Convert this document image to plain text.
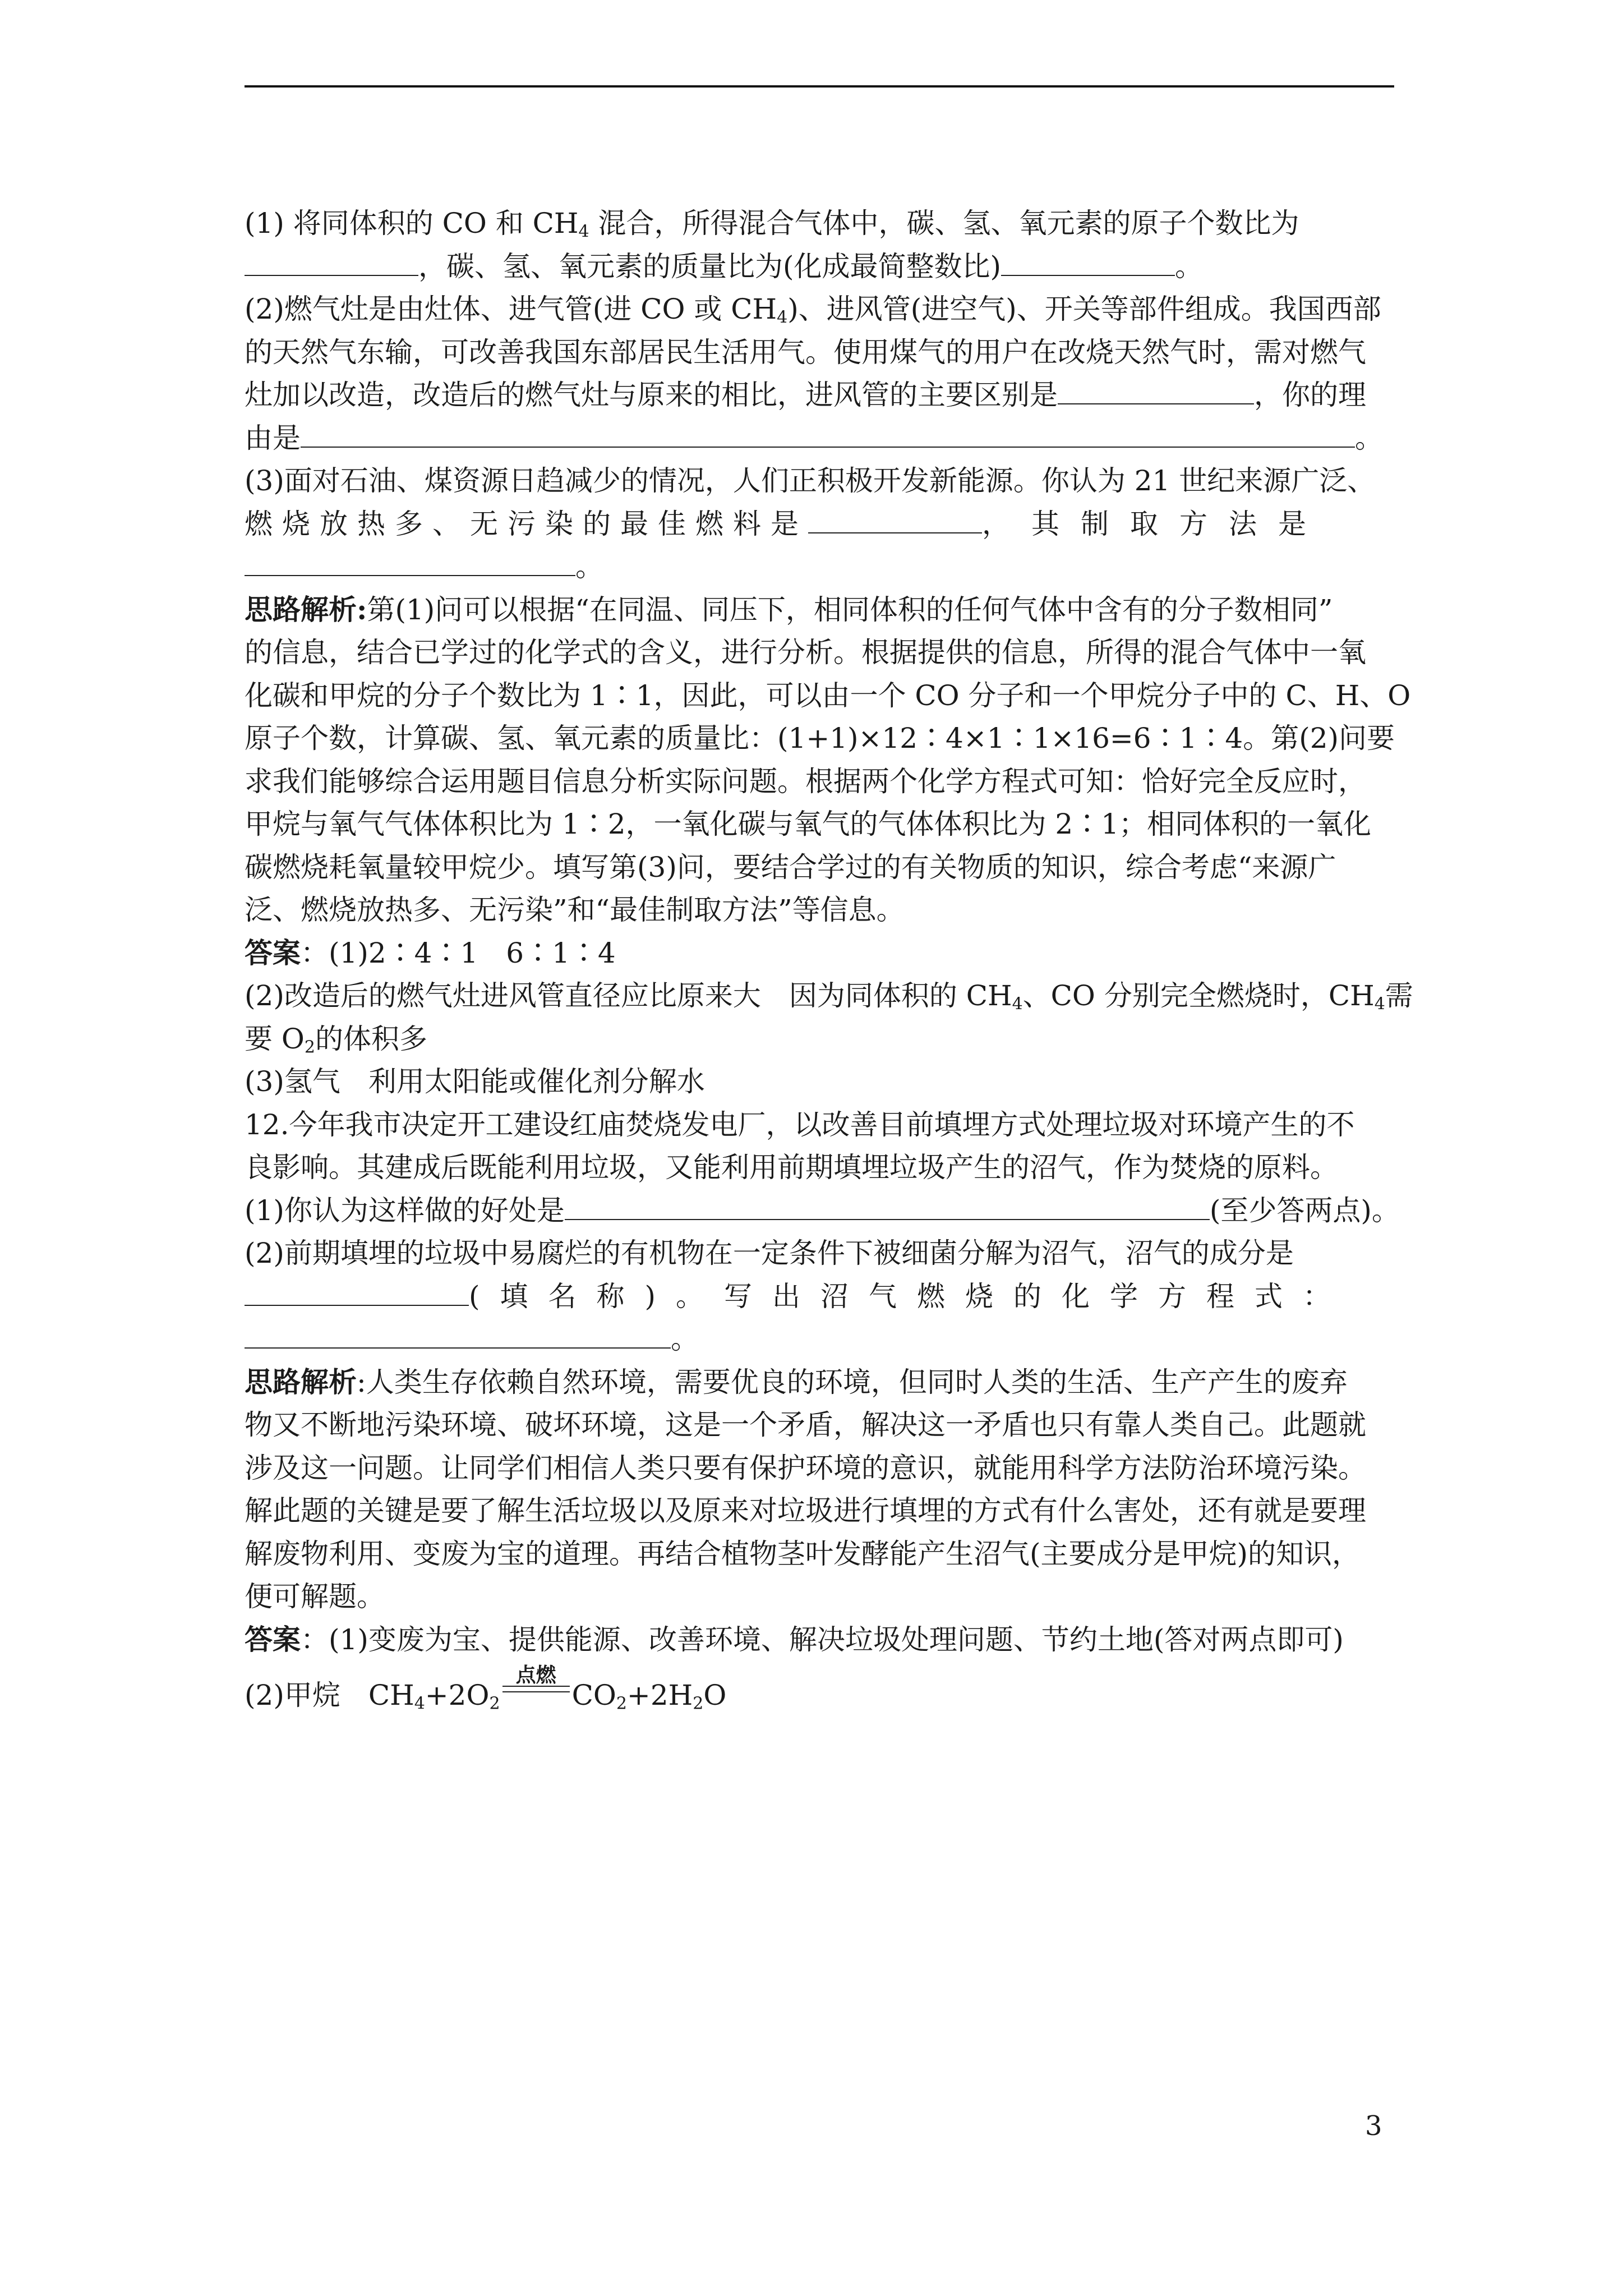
(1) 将同体积的 CO 和 $CH_4$ 混合，所得混合气体中，碳、氢、氧元素的原子个数比为
，碳、氢、氧元素的质量比为(化成最简整数比)	。
(2)燃气灶是由灶体、进气管(进 CO 或 $CH_4$)、进风管(进空气)、开关等部件组成。我国西部
的天然气东输，可改善我国东部居民生活用气。使用煤气的用户在改烧天然气时，需对燃气
灶加以改造，改造后的燃气灶与原来的相比，进风管的主要区别是	，你的理
由是	。
(3)面对石油、煤资源日趋减少的情况，人们正积极开发新能源。你认为 21 世纪来源广泛、
燃烧放热多、无污染的最佳燃料是	，其制取方法是
。
思路解析:第(1)问可以根据“在同温、同压下，相同体积的任何气体中含有的分子数相同”
的信息，结合已学过的化学式的含义，进行分析。根据提供的信息，所得的混合气体中一氧
化碳和甲烷的分子个数比为 1∶1，因此，可以由一个 CO 分子和一个甲烷分子中的 C、H、O
原子个数，计算碳、氢、氧元素的质量比：(1+1)×12∶4×1∶1×16=6∶1∶4。第(2)问要
求我们能够综合运用题目信息分析实际问题。根据两个化学方程式可知：恰好完全反应时，
甲烷与氧气气体体积比为 1∶2，一氧化碳与氧气的气体体积比为 2∶1；相同体积的一氧化
碳燃烧耗氧量较甲烷少。填写第(3)问，要结合学过的有关物质的知识，综合考虑“来源广
泛、燃烧放热多、无污染”和“最佳制取方法”等信息。
答案：(1)2∶4∶1　6∶1∶4
(2)改造后的燃气灶进风管直径应比原来大　因为同体积的 $CH_4$、CO 分别完全燃烧时，$CH_4$需
要 $O_2$的体积多
(3)氢气　利用太阳能或催化剂分解水
12.今年我市决定开工建设红庙焚烧发电厂，以改善目前填埋方式处理垃圾对环境产生的不
良影响。其建成后既能利用垃圾，又能利用前期填埋垃圾产生的沼气，作为焚烧的原料。
(1)你认为这样做的好处是	(至少答两点)。
(2)前期填埋的垃圾中易腐烂的有机物在一定条件下被细菌分解为沼气，沼气的成分是
(填名称)。写出沼气燃烧的化学方程式：
。
思路解析:人类生存依赖自然环境，需要优良的环境，但同时人类的生活、生产产生的废弃
物又不断地污染环境、破坏环境，这是一个矛盾，解决这一矛盾也只有靠人类自己。此题就
涉及这一问题。让同学们相信人类只要有保护环境的意识，就能用科学方法防治环境污染。
解此题的关键是要了解生活垃圾以及原来对垃圾进行填埋的方式有什么害处，还有就是要理
解废物利用、变废为宝的道理。再结合植物茎叶发酵能产生沼气(主要成分是甲烷)的知识，
便可解题。
答案：(1)变废为宝、提供能源、改善环境、解决垃圾处理问题、节约土地(答对两点即可)
(2)甲烷　$CH_4+2O_2$
点燃
$CO_2+2H_2O$
3
